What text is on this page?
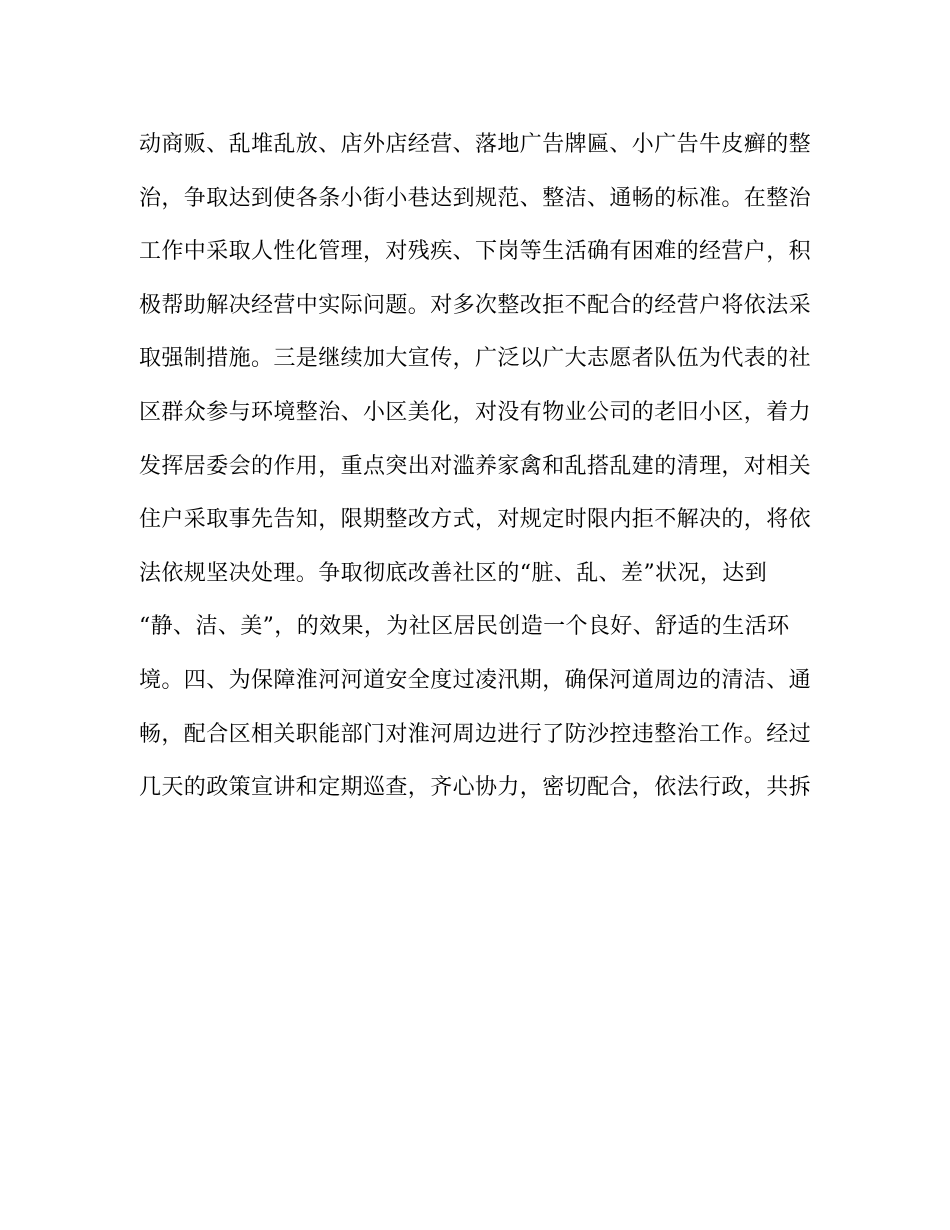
动商贩、乱堆乱放、店外店经营、落地广告牌匾、小广告牛皮癣的整
治，争取达到使各条小街小巷达到规范、整洁、通畅的标准。在整治
工作中采取人性化管理，对残疾、下岗等生活确有困难的经营户，积
极帮助解决经营中实际问题。对多次整改拒不配合的经营户将依法采
取强制措施。三是继续加大宣传，广泛以广大志愿者队伍为代表的社
区群众参与环境整治、小区美化，对没有物业公司的老旧小区，着力
发挥居委会的作用，重点突出对滥养家禽和乱搭乱建的清理，对相关
住户采取事先告知，限期整改方式，对规定时限内拒不解决的，将依
法依规坚决处理。争取彻底改善社区的“脏、乱、差”状况，达到
“静、洁、美”，的效果，为社区居民创造一个良好、舒适的生活环
境。四、为保障淮河河道安全度过凌汛期，确保河道周边的清洁、通
畅，配合区相关职能部门对淮河周边进行了防沙控违整治工作。经过
几天的政策宣讲和定期巡查，齐心协力，密切配合，依法行政，共拆
